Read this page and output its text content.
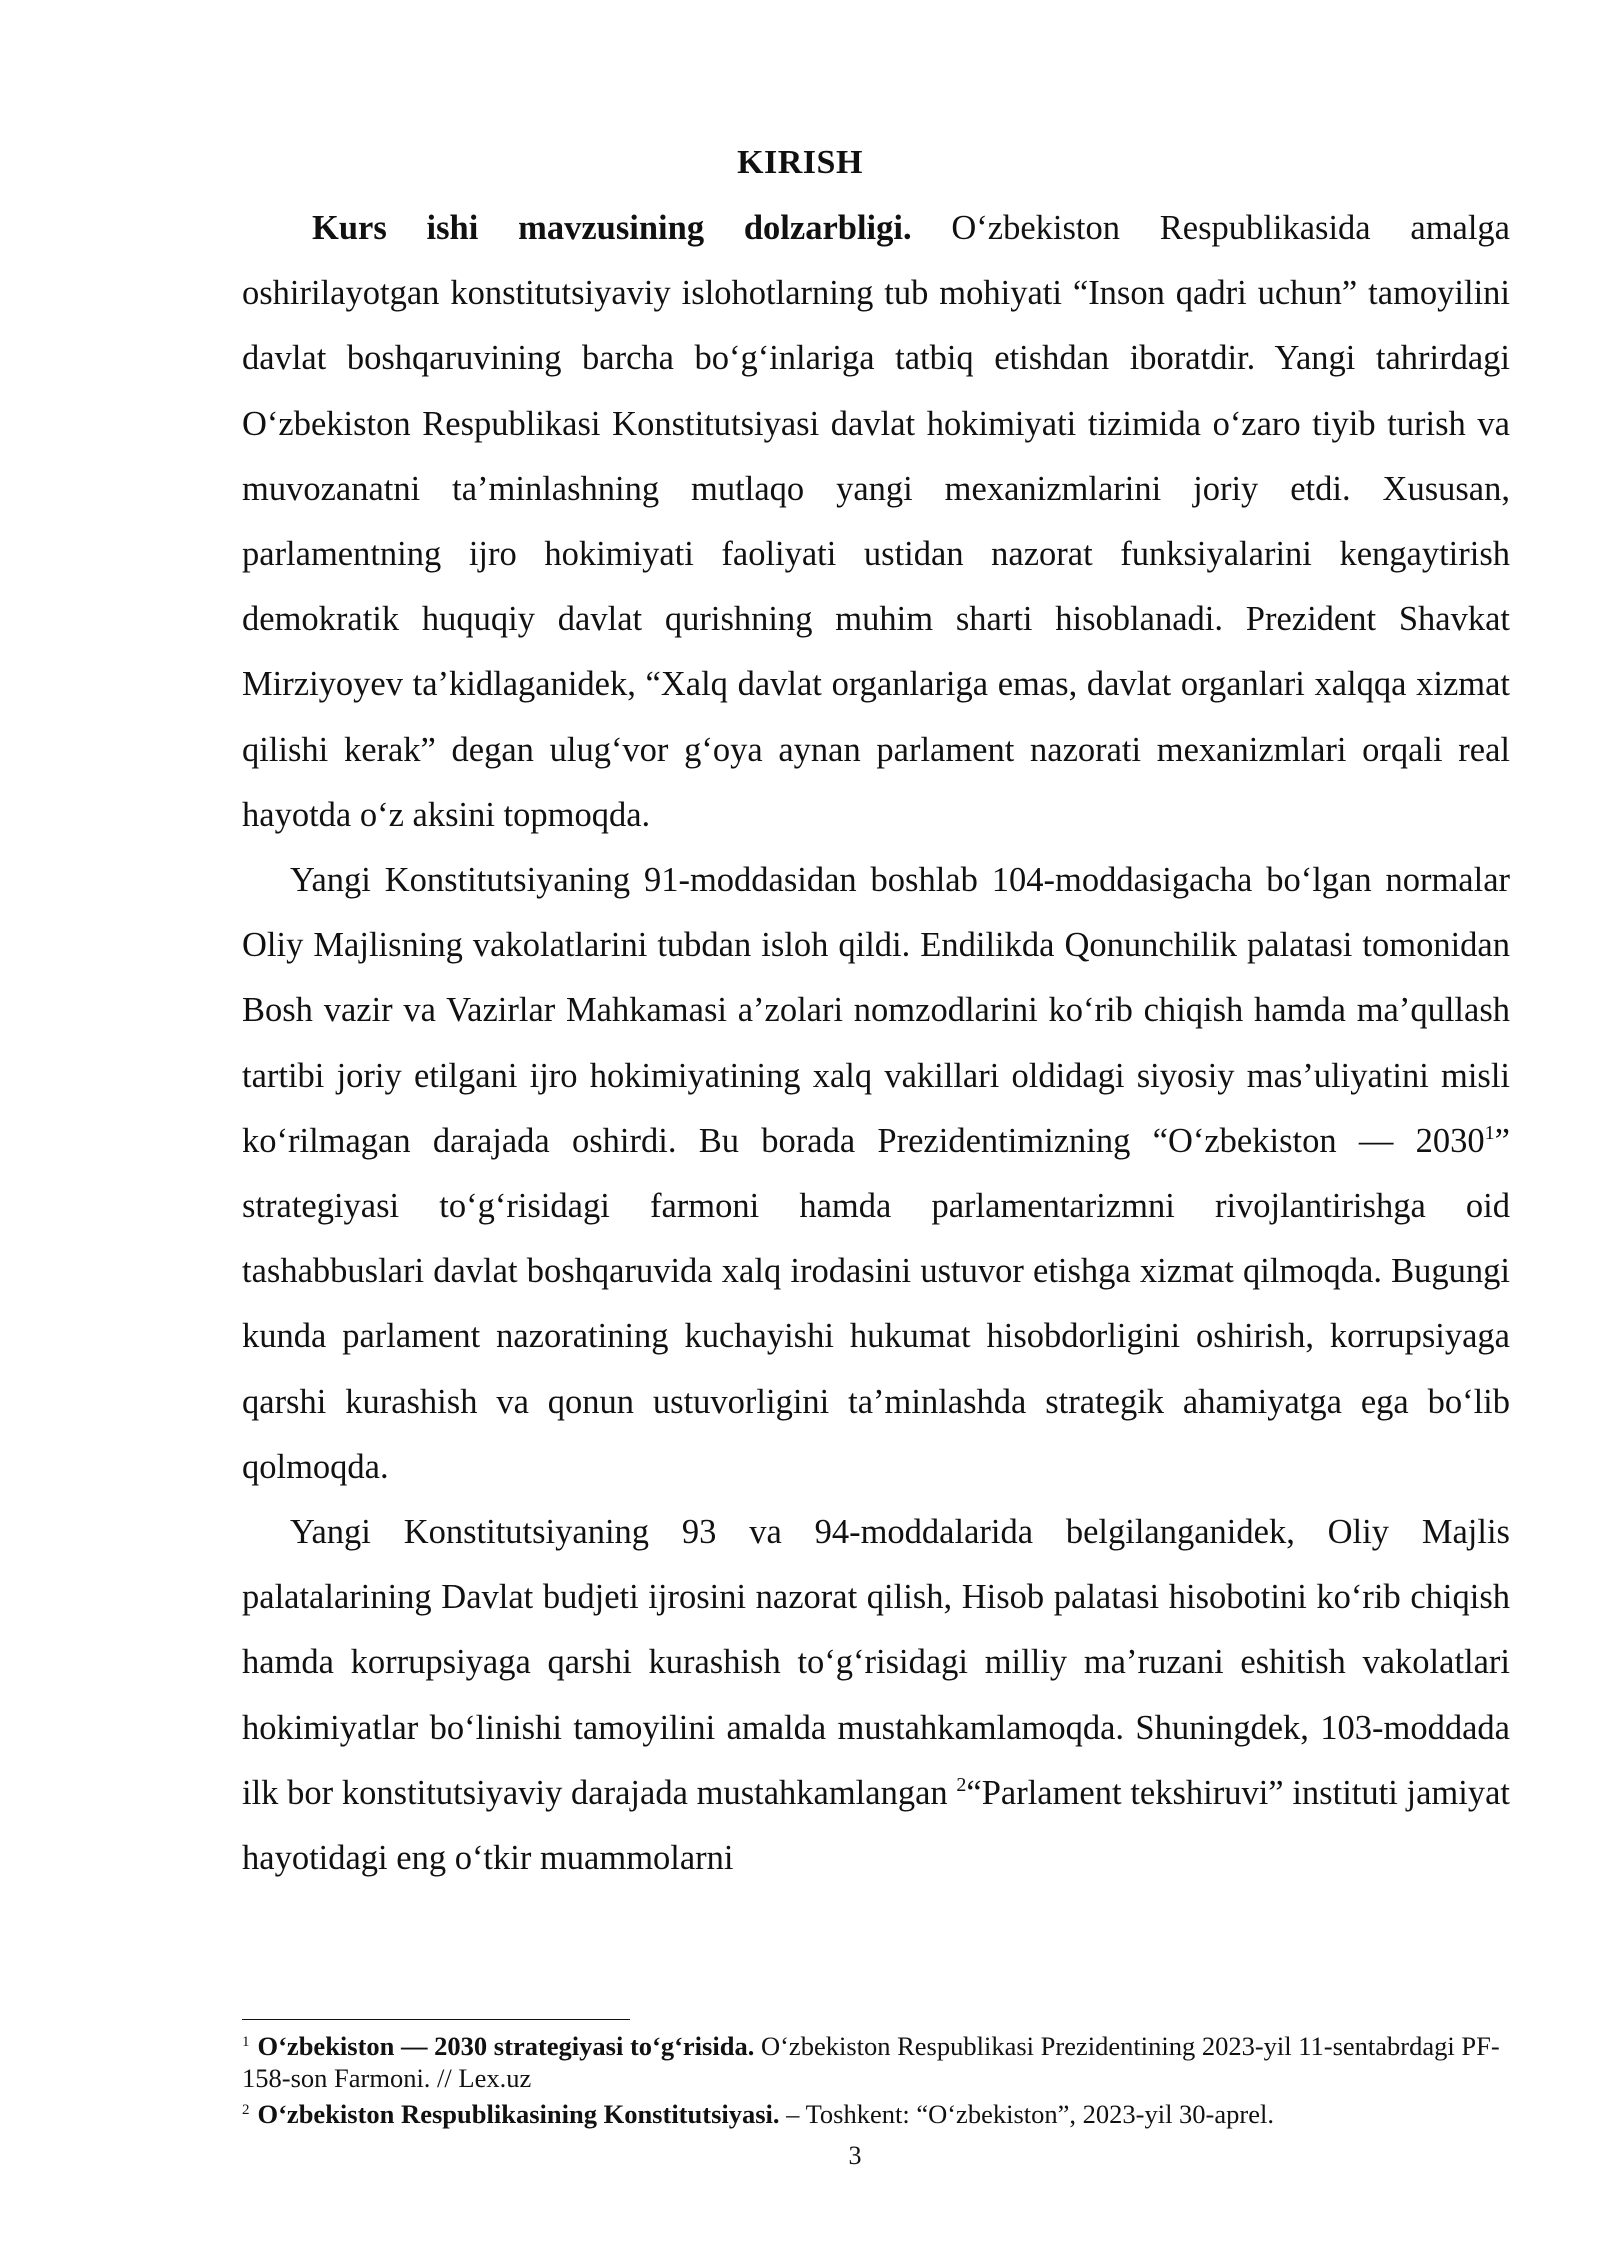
KIRISH

Kurs ishi mavzusining dolzarbligi. O‘zbekiston Respublikasida amalga oshirilayotgan konstitutsiyaviy islohotlarning tub mohiyati “Inson qadri uchun” tamoyilini davlat boshqaruvining barcha bo‘g‘inlariga tatbiq etishdan iboratdir. Yangi tahrirdagi O‘zbekiston Respublikasi Konstitutsiyasi davlat hokimiyati tizimida o‘zaro tiyib turish va muvozanatni ta’minlashning mutlaqo yangi mexanizmlarini joriy etdi. Xususan, parlamentning ijro hokimiyati faoliyati ustidan nazorat funksiyalarini kengaytirish demokratik huquqiy davlat qurishning muhim sharti hisoblanadi. Prezident Shavkat Mirziyoyev ta’kidlaganidek, “Xalq davlat organlariga emas, davlat organlari xalqqa xizmat qilishi kerak” degan ulug‘vor g‘oya aynan parlament nazorati mexanizmlari orqali real hayotda o‘z aksini topmoqda.

Yangi Konstitutsiyaning 91-moddasidan boshlab 104-moddasigacha bo‘lgan normalar Oliy Majlisning vakolatlarini tubdan isloh qildi. Endilikda Qonunchilik palatasi tomonidan Bosh vazir va Vazirlar Mahkamasi a’zolari nomzodlarini ko‘rib chiqish hamda ma’qullash tartibi joriy etilgani ijro hokimiyatining xalq vakillari oldidagi siyosiy mas’uliyatini misli ko‘rilmagan darajada oshirdi. Bu borada Prezidentimizning “O‘zbekiston — 2030$^1$” strategiyasi to‘g‘risidagi farmoni hamda parlamentarizmni rivojlantirishga oid tashabbuslari davlat boshqaruvida xalq irodasini ustuvor etishga xizmat qilmoqda. Bugungi kunda parlament nazoratining kuchayishi hukumat hisobdorligini oshirish, korrupsiyaga qarshi kurashish va qonun ustuvorligini ta’minlashda strategik ahamiyatga ega bo‘lib qolmoqda.

Yangi Konstitutsiyaning 93 va 94-moddalarida belgilanganidek, Oliy Majlis palatalarining Davlat budjeti ijrosini nazorat qilish, Hisob palatasi hisobotini ko‘rib chiqish hamda korrupsiyaga qarshi kurashish to‘g‘risidagi milliy ma’ruzani eshitish vakolatlari hokimiyatlar bo‘linishi tamoyilini amalda mustahkamlamoqda. Shuningdek, 103-moddada ilk bor konstitutsiyaviy darajada mustahkamlangan $^2$“Parlament tekshiruvi” instituti jamiyat hayotidagi eng o‘tkir muammolarni

$^1$ O‘zbekiston — 2030 strategiyasi to‘g‘risida. O‘zbekiston Respublikasi Prezidentining 2023-yil 11-sentabrdagi PF-158-son Farmoni. // Lex.uz

$^2$ O‘zbekiston Respublikasining Konstitutsiyasi. – Toshkent: “O‘zbekiston”, 2023-yil 30-aprel.

3
